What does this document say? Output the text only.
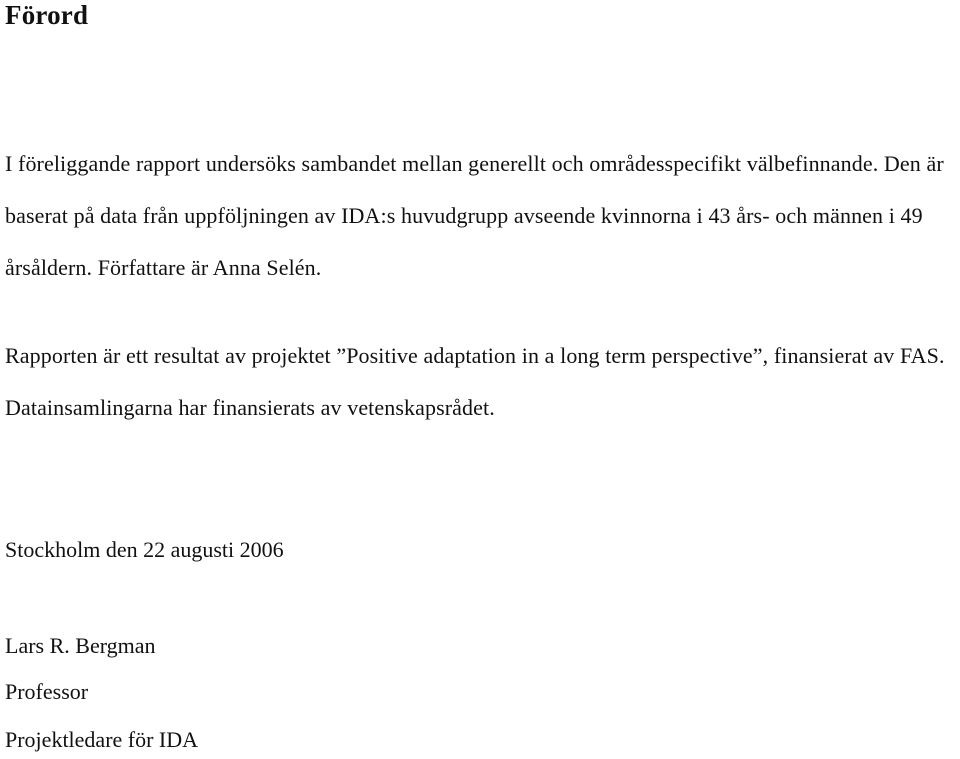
Förord

I föreliggande rapport undersöks sambandet mellan generellt och områdesspecifikt välbefinnande. Den är baserat på data från uppföljningen av IDA:s huvudgrupp avseende kvinnorna i 43 års- och männen i 49 årsåldern. Författare är Anna Selén.

Rapporten är ett resultat av projektet ”Positive adaptation in a long term perspective”, finansierat av FAS. Datainsamlingarna har finansierats av vetenskapsrådet.

Stockholm den 22 augusti 2006

Lars R. Bergman

Professor

Projektledare för IDA
